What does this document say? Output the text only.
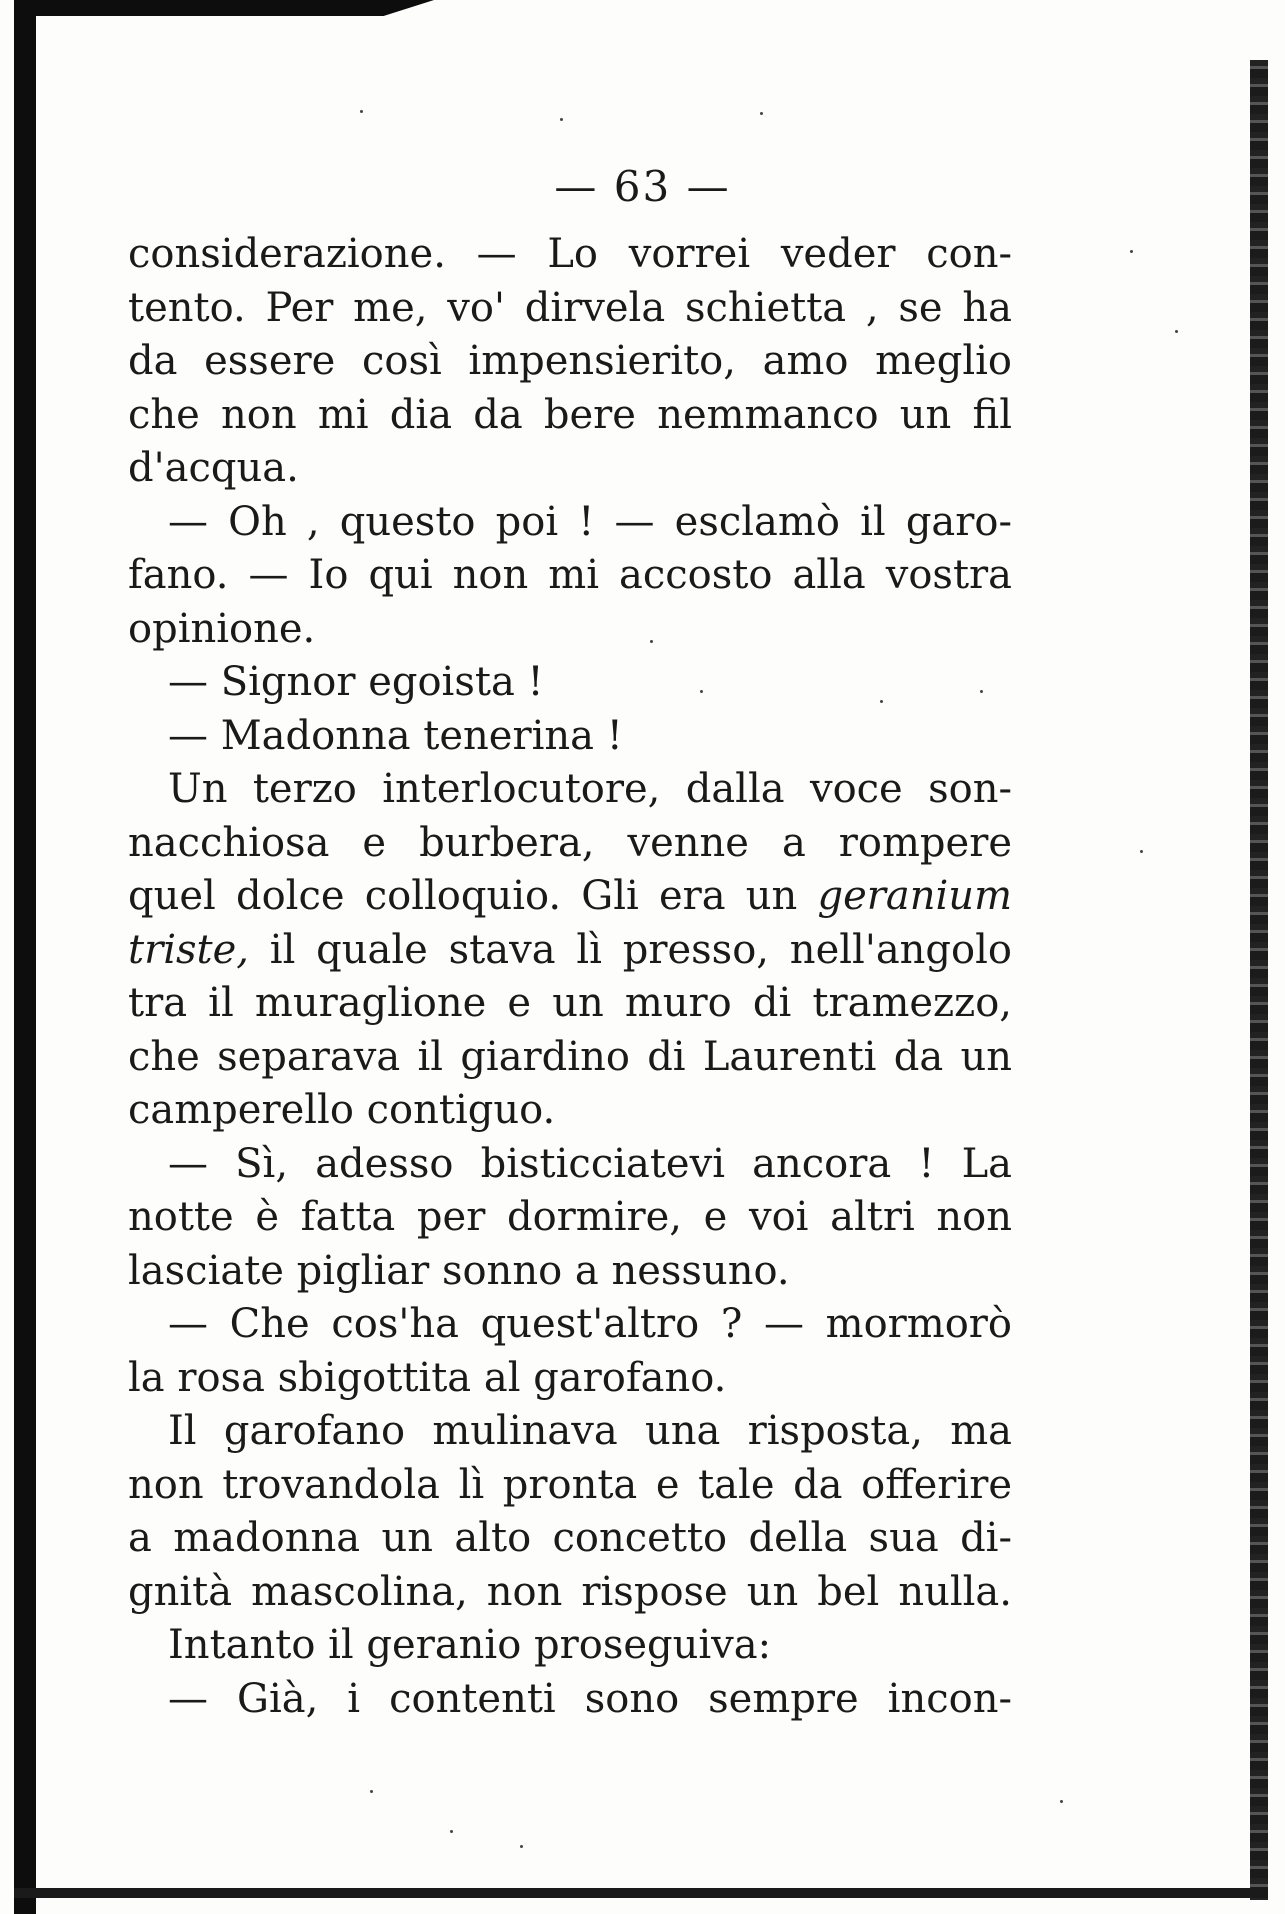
— 63 —
considerazione. — Lo vorrei veder con-
tento. Per me, vo' dirvela schietta , se ha
da essere così impensierito, amo meglio
che non mi dia da bere nemmanco un fil
d'acqua.
— Oh , questo poi ! — esclamò il garo-
fano. — Io qui non mi accosto alla vostra
opinione.
— Signor egoista !
— Madonna tenerina !
Un terzo interlocutore, dalla voce son-
nacchiosa e burbera, venne a rompere
quel dolce colloquio. Gli era un geranium
triste, il quale stava lì presso, nell'angolo
tra il muraglione e un muro di tramezzo,
che separava il giardino di Laurenti da un
camperello contiguo.
— Sì, adesso bisticciatevi ancora ! La
notte è fatta per dormire, e voi altri non
lasciate pigliar sonno a nessuno.
— Che cos'ha quest'altro ? — mormorò
la rosa sbigottita al garofano.
Il garofano mulinava una risposta, ma
non trovandola lì pronta e tale da offerire
a madonna un alto concetto della sua di-
gnità mascolina, non rispose un bel nulla.
Intanto il geranio proseguiva:
— Già, i contenti sono sempre incon-
